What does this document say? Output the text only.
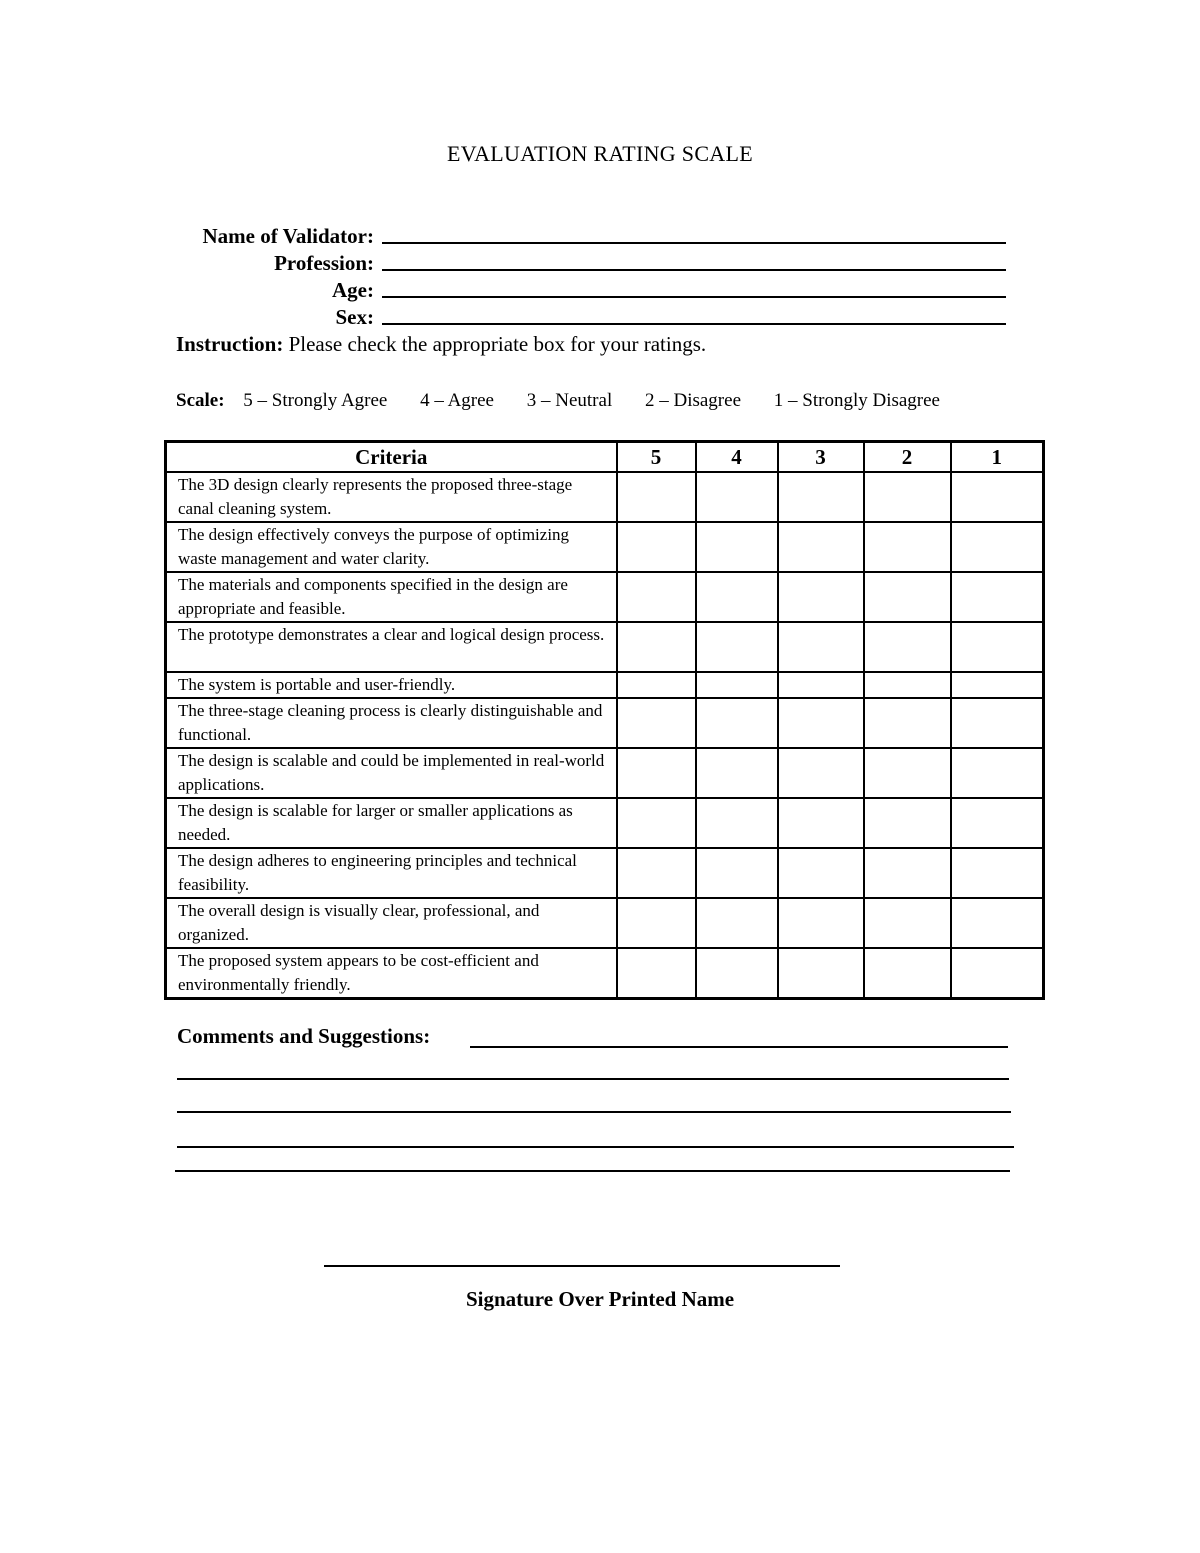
EVALUATION RATING SCALE
Name of Validator:
Profession:
Age:
Sex:
Instruction: Please check the appropriate box for your ratings.
Scale: 5 – Strongly Agree 4 – Agree 3 – Neutral 2 – Disagree 1 – Strongly Disagree
Criteria	5	4	3	2	1
The 3D design clearly represents the proposed three-stage canal cleaning system.					
The design effectively conveys the purpose of optimizing waste management and water clarity.					
The materials and components specified in the design are appropriate and feasible.					
The prototype demonstrates a clear and logical design process.					
The system is portable and user-friendly.					
The three-stage cleaning process is clearly distinguishable and functional.					
The design is scalable and could be implemented in real-world applications.					
The design is scalable for larger or smaller applications as needed.					
The design adheres to engineering principles and technical feasibility.					
The overall design is visually clear, professional, and organized.					
The proposed system appears to be cost-efficient and environmentally friendly.					
Comments and Suggestions:
Signature Over Printed Name
